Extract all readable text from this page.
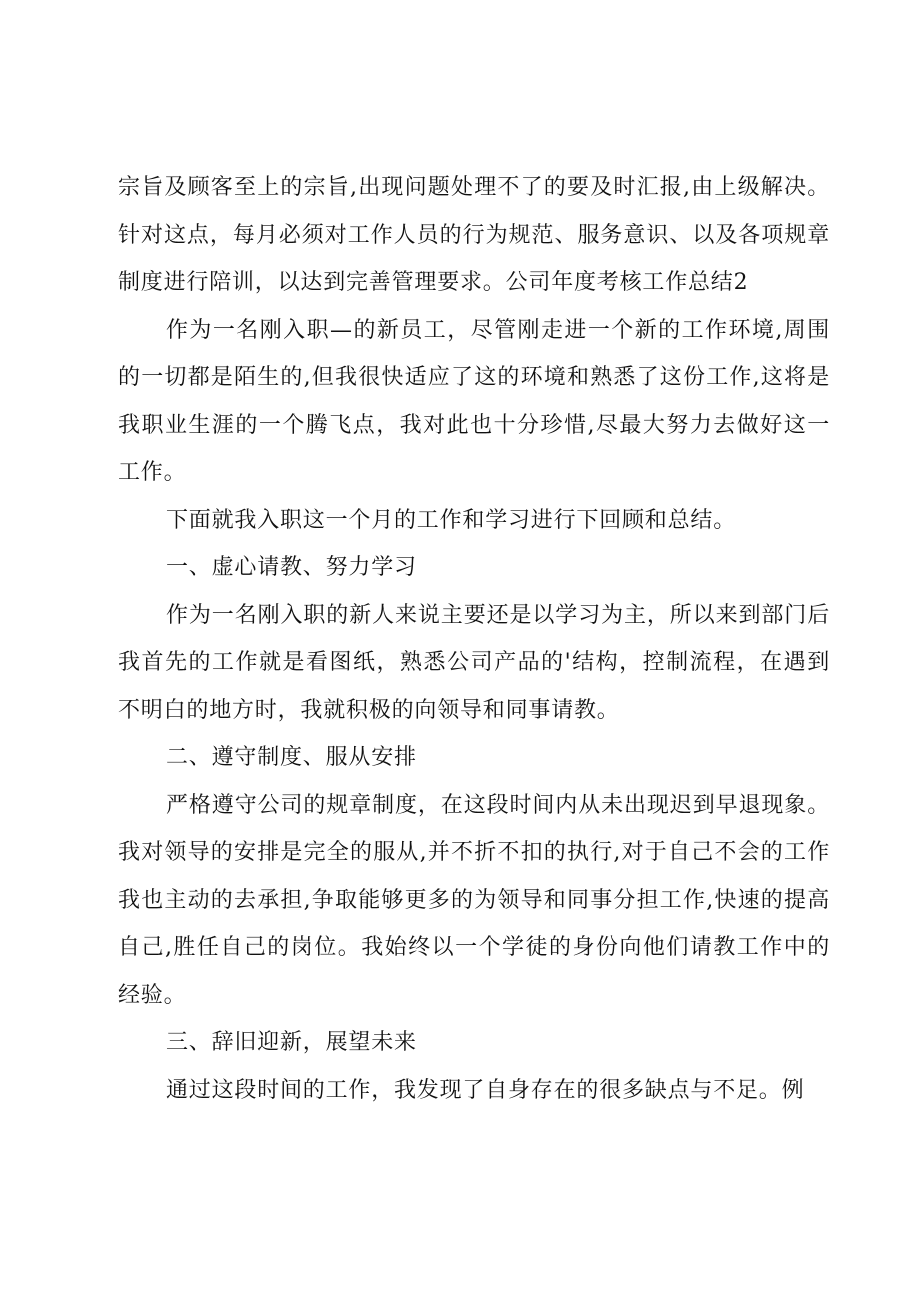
宗旨及顾客至上的宗旨,出现问题处理不了的要及时汇报,由上级解决。针对这点，每月必须对工作人员的行为规范、服务意识、以及各项规章制度进行陪训，以达到完善管理要求。公司年度考核工作总结2

作为一名刚入职—的新员工，尽管刚走进一个新的工作环境,周围的一切都是陌生的,但我很快适应了这的环境和熟悉了这份工作,这将是我职业生涯的一个腾飞点，我对此也十分珍惜,尽最大努力去做好这一工作。

下面就我入职这一个月的工作和学习进行下回顾和总结。

一、虚心请教、努力学习

作为一名刚入职的新人来说主要还是以学习为主，所以来到部门后我首先的工作就是看图纸，熟悉公司产品的'结构，控制流程，在遇到不明白的地方时，我就积极的向领导和同事请教。

二、遵守制度、服从安排

严格遵守公司的规章制度，在这段时间内从未出现迟到早退现象。我对领导的安排是完全的服从,并不折不扣的执行,对于自己不会的工作我也主动的去承担,争取能够更多的为领导和同事分担工作,快速的提高自己,胜任自己的岗位。我始终以一个学徒的身份向他们请教工作中的经验。

三、辞旧迎新，展望未来

通过这段时间的工作，我发现了自身存在的很多缺点与不足。例
